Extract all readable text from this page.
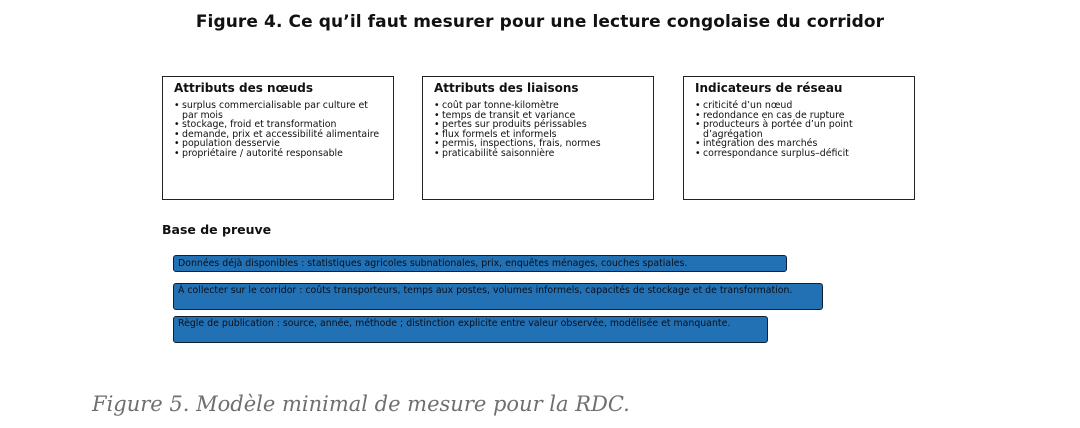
Figure 4. Ce qu’il faut mesurer pour une lecture congolaise du corridor
Attributs des nœuds
• surplus commercialisable par culture et par mois
• stockage, froid et transformation
• demande, prix et accessibilité alimentaire
• population desservie
• propriétaire / autorité responsable
Attributs des liaisons
• coût par tonne-kilomètre
• temps de transit et variance
• pertes sur produits périssables
• flux formels et informels
• permis, inspections, frais, normes
• praticabilité saisonnière
Indicateurs de réseau
• criticité d’un nœud
• redondance en cas de rupture
• producteurs à portée d’un point d’agrégation
• intégration des marchés
• correspondance surplus–déficit
Base de preuve
Données déjà disponibles : statistiques agricoles subnationales, prix, enquêtes ménages, couches spatiales.
À collecter sur le corridor : coûts transporteurs, temps aux postes, volumes informels, capacités de stockage et de transformation.
Règle de publication : source, année, méthode ; distinction explicite entre valeur observée, modélisée et manquante.
Figure 5. Modèle minimal de mesure pour la RDC.
